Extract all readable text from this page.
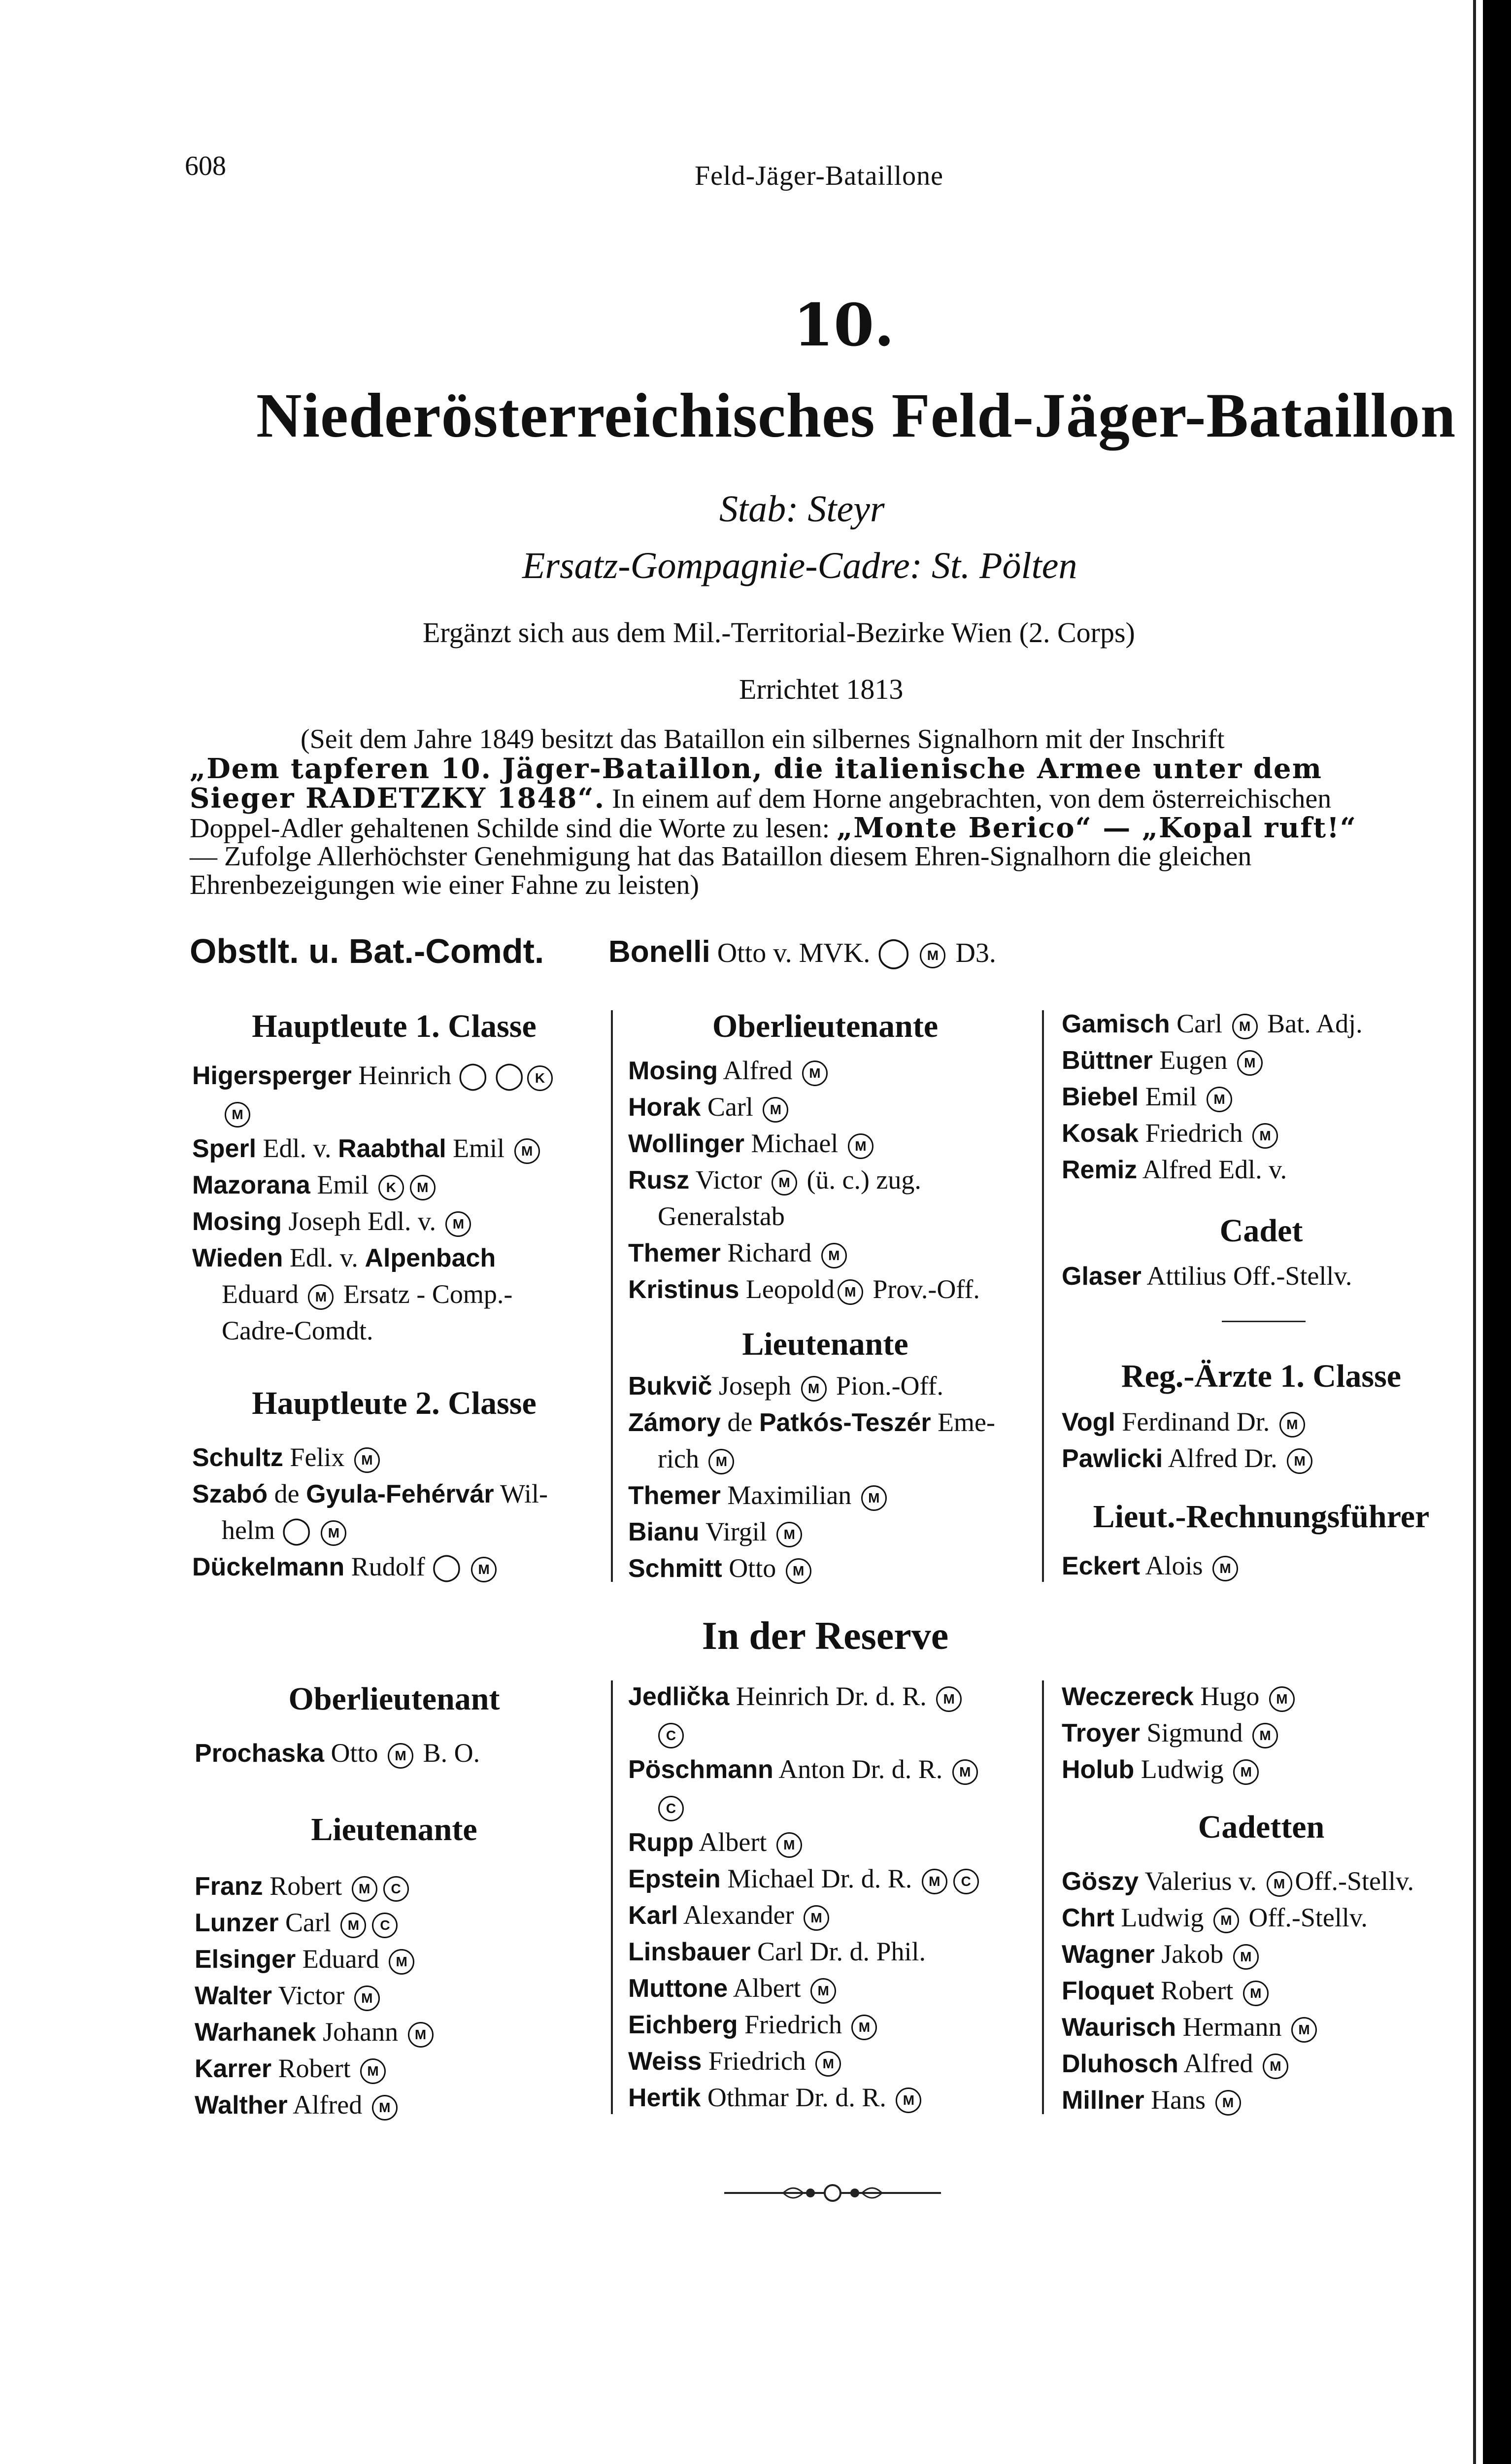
608	Feld-Jäger-Bataillone
10.
Niederösterreichisches Feld-Jäger-Bataillon
Stab: Steyr
Ersatz-Gompagnie-Cadre: St. Pölten
Ergänzt sich aus dem Mil.-Territorial-Bezirke Wien (2. Corps)
Errichtet 1813
(Seit dem Jahre 1849 besitzt das Bataillon ein silbernes Signalhorn mit der Inschrift
„Dem tapferen 10. Jäger-Bataillon, die italienische Armee unter dem
Sieger RADETZKY 1848“. In einem auf dem Horne angebrachten, von dem österreichischen
Doppel-Adler gehaltenen Schilde sind die Worte zu lesen: „Monte Berico“ — „Kopal ruft!“
— Zufolge Allerhöchster Genehmigung hat das Bataillon diesem Ehren-Signalhorn die gleichen
Ehrenbezeigungen wie einer Fahne zu leisten)
Obstlt. u. Bat.-Comdt. Bonelli Otto v. MVK. ◯ M D3.
Hauptleute 1. Classe
Higersperger Heinrich ◯ ◯ K
M
Sperl Edl. v. Raabthal Emil M
Mazorana Emil K M
Mosing Joseph Edl. v. M
Wieden Edl. v. Alpenbach
Eduard M Ersatz - Comp.-
Cadre-Comdt.
Hauptleute 2. Classe
Schultz Felix M
Szabó de Gyula-Fehérvár Wil-
helm ◯ M
Dückelmann Rudolf ◯ M
Oberlieutenante
Mosing Alfred M
Horak Carl M
Wollinger Michael M
Rusz Victor M (ü. c.) zug.
Generalstab
Themer Richard M
Kristinus Leopold M Prov.-Off.
Lieutenante
Bukvič Joseph M Pion.-Off.
Zámory de Patkós-Teszér Eme-
rich M
Themer Maximilian M
Bianu Virgil M
Schmitt Otto M
Gamisch Carl M Bat. Adj.
Büttner Eugen M
Biebel Emil M
Kosak Friedrich M
Remiz Alfred Edl. v.
Cadet
Glaser Attilius Off.-Stellv.
Reg.-Ärzte 1. Classe
Vogl Ferdinand Dr. M
Pawlicki Alfred Dr. M
Lieut.-Rechnungsführer
Eckert Alois M
In der Reserve
Oberlieutenant
Prochaska Otto M B. O.
Lieutenante
Franz Robert M C
Lunzer Carl M C
Elsinger Eduard M
Walter Victor M
Warhanek Johann M
Karrer Robert M
Walther Alfred M
Jedlička Heinrich Dr. d. R. M
C
Pöschmann Anton Dr. d. R. M
C
Rupp Albert M
Epstein Michael Dr. d. R. M C
Karl Alexander M
Linsbauer Carl Dr. d. Phil.
Muttone Albert M
Eichberg Friedrich M
Weiss Friedrich M
Hertik Othmar Dr. d. R. M
Weczereck Hugo M
Troyer Sigmund M
Holub Ludwig M
Cadetten
Göszy Valerius v. M Off.-Stellv.
Chrt Ludwig M Off.-Stellv.
Wagner Jakob M
Floquet Robert M
Waurisch Hermann M
Dluhosch Alfred M
Millner Hans M
